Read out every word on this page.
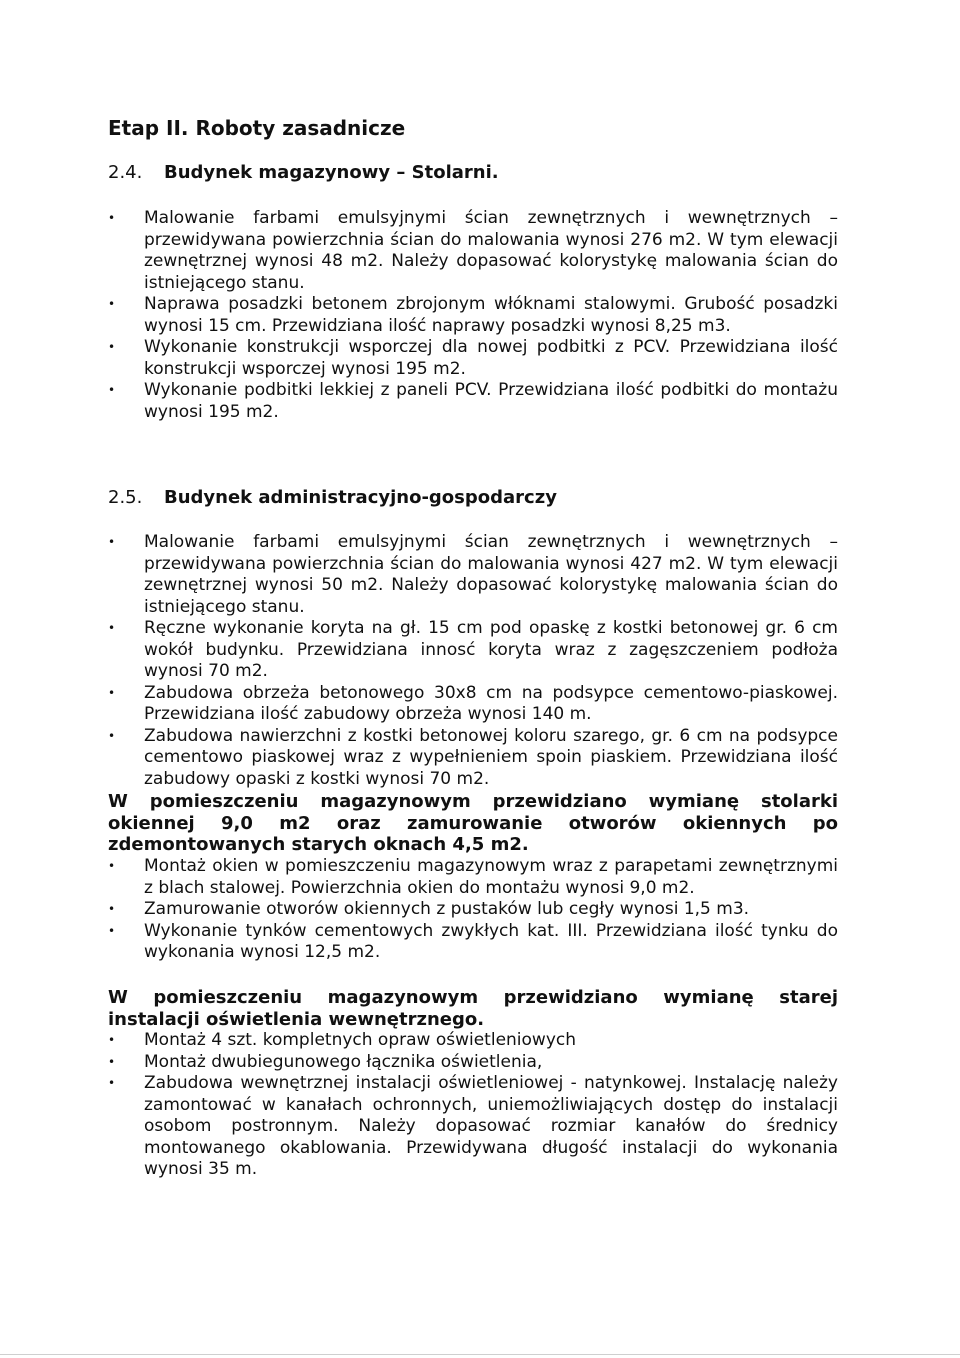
Etap II. Roboty zasadnicze
2.4. Budynek magazynowy – Stolarni.
• Malowanie farbami emulsyjnymi ścian zewnętrznych i wewnętrznych – przewidywana powierzchnia ścian do malowania wynosi 276 m2. W tym elewacji zewnętrznej wynosi 48 m2. Należy dopasować kolorystykę malowania ścian do istniejącego stanu.
• Naprawa posadzki betonem zbrojonym włóknami stalowymi. Grubość posadzki wynosi 15 cm. Przewidziana ilość naprawy posadzki wynosi 8,25 m3.
• Wykonanie konstrukcji wsporczej dla nowej podbitki z PCV. Przewidziana ilość konstrukcji wsporczej wynosi 195 m2.
• Wykonanie podbitki lekkiej z paneli PCV. Przewidziana ilość podbitki do montażu wynosi 195 m2.
2.5. Budynek administracyjno-gospodarczy
• Malowanie farbami emulsyjnymi ścian zewnętrznych i wewnętrznych – przewidywana powierzchnia ścian do malowania wynosi 427 m2. W tym elewacji zewnętrznej wynosi 50 m2. Należy dopasować kolorystykę malowania ścian do istniejącego stanu.
• Ręczne wykonanie koryta na gł. 15 cm pod opaskę z kostki betonowej gr. 6 cm wokół budynku. Przewidziana innosć koryta wraz z zagęszczeniem podłoża wynosi 70 m2.
• Zabudowa obrzeża betonowego 30x8 cm na podsypce cementowo-piaskowej. Przewidziana ilość zabudowy obrzeża wynosi 140 m.
• Zabudowa nawierzchni z kostki betonowej koloru szarego, gr. 6 cm na podsypce cementowo piaskowej wraz z wypełnieniem spoin piaskiem. Przewidziana ilość zabudowy opaski z kostki wynosi 70 m2.

W pomieszczeniu magazynowym przewidziano wymianę stolarki okiennej 9,0 m2 oraz zamurowanie otworów okiennych po zdemontowanych starych oknach 4,5 m2.

• Montaż okien w pomieszczeniu magazynowym wraz z parapetami zewnętrznymi z blach stalowej. Powierzchnia okien do montażu wynosi 9,0 m2.
• Zamurowanie otworów okiennych z pustaków lub cegły wynosi 1,5 m3.
• Wykonanie tynków cementowych zwykłych kat. III. Przewidziana ilość tynku do wykonania wynosi 12,5 m2.

W pomieszczeniu magazynowym przewidziano wymianę starej instalacji oświetlenia wewnętrznego.

• Montaż 4 szt. kompletnych opraw oświetleniowych
• Montaż dwubiegunowego łącznika oświetlenia,
• Zabudowa wewnętrznej instalacji oświetleniowej - natynkowej. Instalację należy zamontować w kanałach ochronnych, uniemożliwiających dostęp do instalacji osobom postronnym. Należy dopasować rozmiar kanałów do średnicy montowanego okablowania. Przewidywana długość instalacji do wykonania wynosi 35 m.
